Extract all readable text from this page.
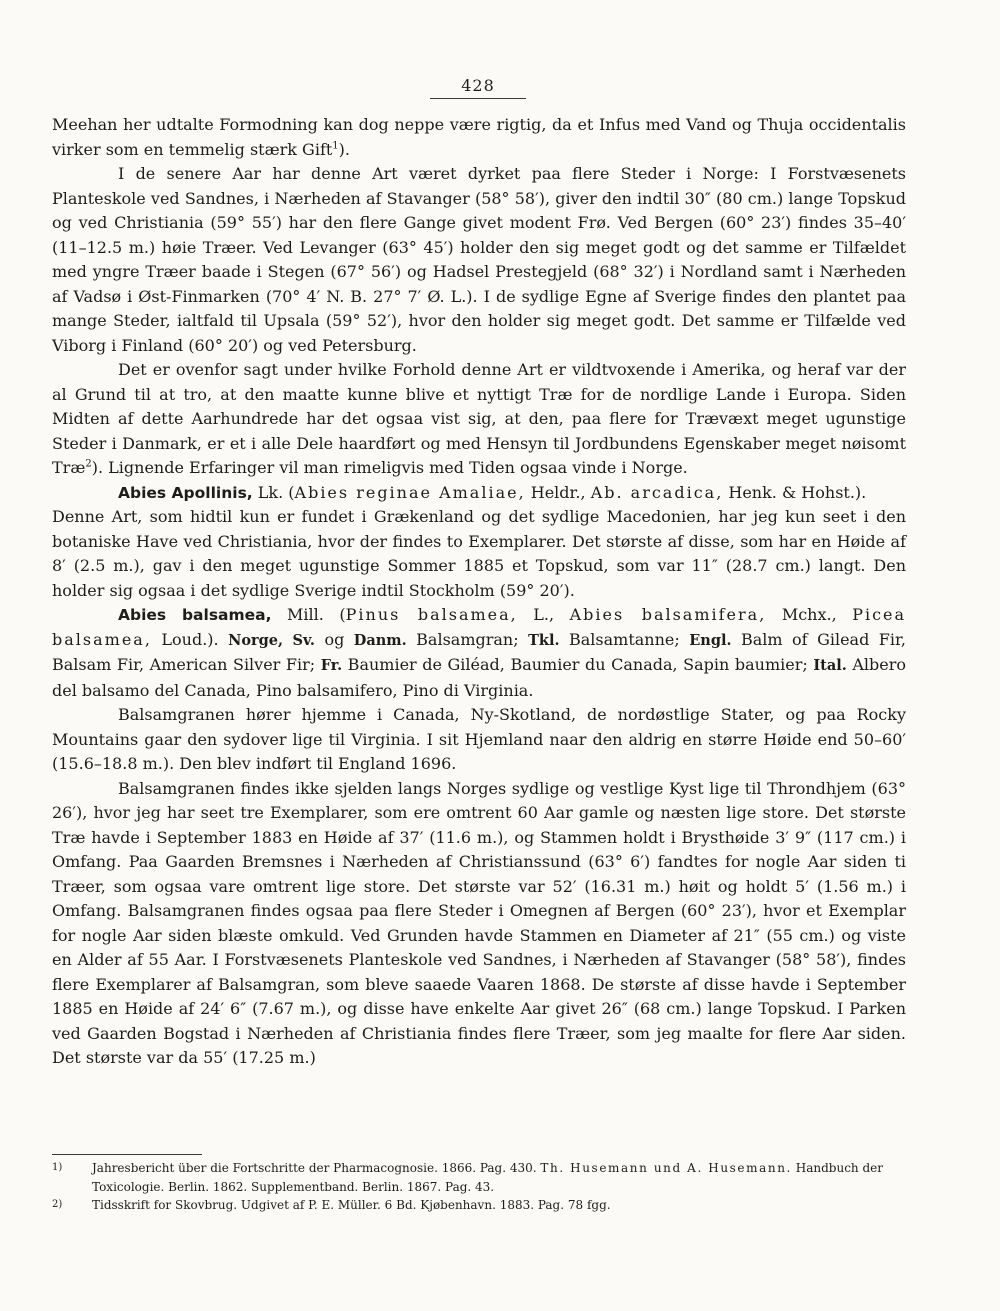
428

Meehan her udtalte Formodning kan dog neppe være rigtig, da et Infus med Vand og Thuja occidentalis virker som en temmelig stærk Gift$^1$).

I de senere Aar har denne Art været dyrket paa flere Steder i Norge: I Forstvæsenets Planteskole ved Sandnes, i Nærheden af Stavanger (58° 58′), giver den indtil 30″ (80 cm.) lange Topskud og ved Christiania (59° 55′) har den flere Gange givet modent Frø. Ved Bergen (60° 23′) findes 35–40′ (11–12.5 m.) høie Træer. Ved Levanger (63° 45′) holder den sig meget godt og det samme er Tilfældet med yngre Træer baade i Stegen (67° 56′) og Hadsel Prestegjeld (68° 32′) i Nordland samt i Nærheden af Vadsø i Øst-Finmarken (70° 4′ N. B. 27° 7′ Ø. L.). I de sydlige Egne af Sverige findes den plantet paa mange Steder, ialtfald til Upsala (59° 52′), hvor den holder sig meget godt. Det samme er Tilfælde ved Viborg i Finland (60° 20′) og ved Petersburg.

Det er ovenfor sagt under hvilke Forhold denne Art er vildtvoxende i Amerika, og heraf var der al Grund til at tro, at den maatte kunne blive et nyttigt Træ for de nordlige Lande i Europa. Siden Midten af dette Aarhundrede har det ogsaa vist sig, at den, paa flere for Trævæxt meget ugunstige Steder i Danmark, er et i alle Dele haardført og med Hensyn til Jordbundens Egenskaber meget nøisomt Træ$^2$). Lignende Erfaringer vil man rimeligvis med Tiden ogsaa vinde i Norge.

Abies Apollinis, Lk. (Abies reginae Amaliae, Heldr., Ab. arcadica, Henk. & Hohst.).

Denne Art, som hidtil kun er fundet i Grækenland og det sydlige Macedonien, har jeg kun seet i den botaniske Have ved Christiania, hvor der findes to Exemplarer. Det største af disse, som har en Høide af 8′ (2.5 m.), gav i den meget ugunstige Sommer 1885 et Topskud, som var 11″ (28.7 cm.) langt. Den holder sig ogsaa i det sydlige Sverige indtil Stockholm (59° 20′).

Abies balsamea, Mill. (Pinus balsamea, L., Abies balsamifera, Mchx., Picea balsamea, Loud.). Norge, Sv. og Danm. Balsamgran; Tkl. Balsamtanne; Engl. Balm of Gilead Fir, Balsam Fir, American Silver Fir; Fr. Baumier de Giléad, Baumier du Canada, Sapin baumier; Ital. Albero del balsamo del Canada, Pino balsamifero, Pino di Virginia.

Balsamgranen hører hjemme i Canada, Ny-Skotland, de nordøstlige Stater, og paa Rocky Mountains gaar den sydover lige til Virginia. I sit Hjemland naar den aldrig en større Høide end 50–60′ (15.6–18.8 m.). Den blev indført til England 1696.

Balsamgranen findes ikke sjelden langs Norges sydlige og vestlige Kyst lige til Throndhjem (63° 26′), hvor jeg har seet tre Exemplarer, som ere omtrent 60 Aar gamle og næsten lige store. Det største Træ havde i September 1883 en Høide af 37′ (11.6 m.), og Stammen holdt i Brysthøide 3′ 9″ (117 cm.) i Omfang. Paa Gaarden Bremsnes i Nærheden af Christianssund (63° 6′) fandtes for nogle Aar siden ti Træer, som ogsaa vare omtrent lige store. Det største var 52′ (16.31 m.) høit og holdt 5′ (1.56 m.) i Omfang. Balsamgranen findes ogsaa paa flere Steder i Omegnen af Bergen (60° 23′), hvor et Exemplar for nogle Aar siden blæste omkuld. Ved Grunden havde Stammen en Diameter af 21″ (55 cm.) og viste en Alder af 55 Aar. I Forstvæsenets Planteskole ved Sandnes, i Nærheden af Stavanger (58° 58′), findes flere Exemplarer af Balsamgran, som bleve saaede Vaaren 1868. De største af disse havde i September 1885 en Høide af 24′ 6″ (7.67 m.), og disse have enkelte Aar givet 26″ (68 cm.) lange Topskud. I Parken ved Gaarden Bogstad i Nærheden af Christiania findes flere Træer, som jeg maalte for flere Aar siden. Det største var da 55′ (17.25 m.)

1)	Jahresbericht über die Fortschritte der Pharmacognosie. 1866. Pag. 430. Th. Husemann und A. Husemann. Handbuch der Toxicologie. Berlin. 1862. Supplementband. Berlin. 1867. Pag. 43.
2)	Tidsskrift for Skovbrug. Udgivet af P. E. Müller. 6 Bd. Kjøbenhavn. 1883. Pag. 78 fgg.
